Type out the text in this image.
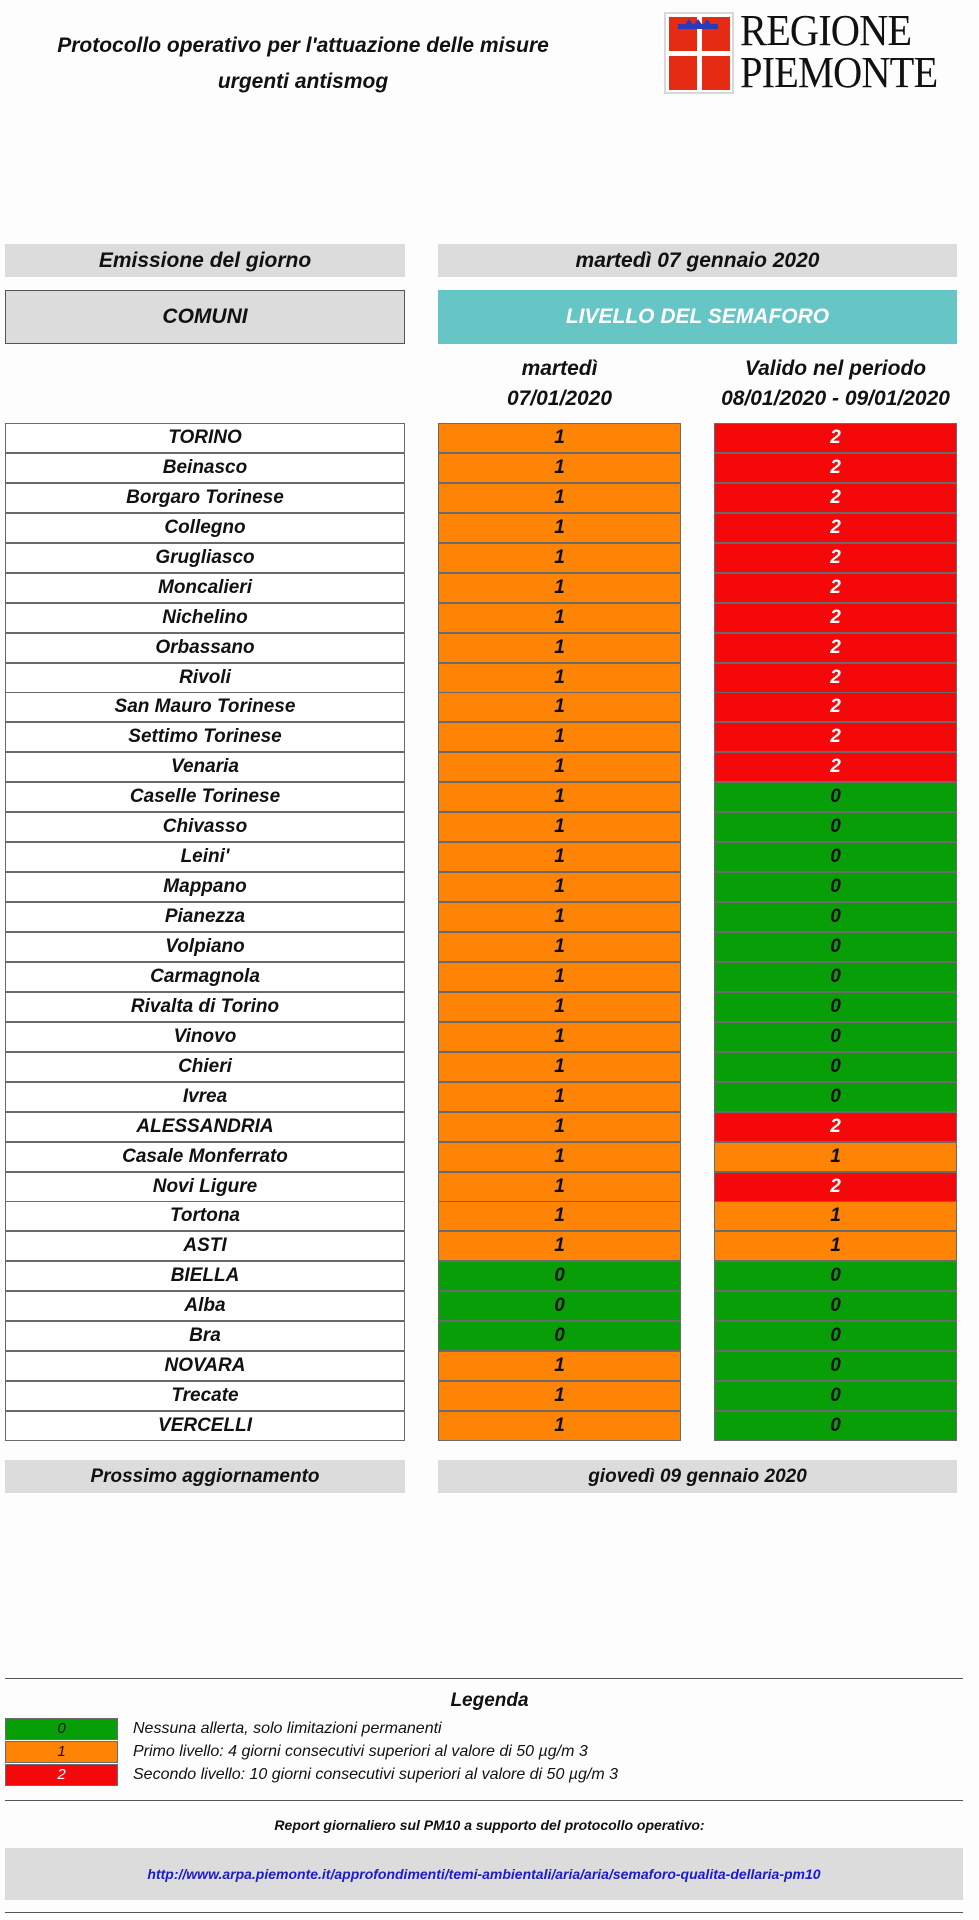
Protocollo operativo per l'attuazione delle misure
urgenti antismog
REGIONE
PIEMONTE
Emissione del giorno	martedì 07 gennaio 2020
COMUNI	LIVELLO DEL SEMAFORO
martedì
07/01/2020
Valido nel periodo
08/01/2020 - 09/01/2020
TORINO	1	2
Beinasco	1	2
Borgaro Torinese	1	2
Collegno	1	2
Grugliasco	1	2
Moncalieri	1	2
Nichelino	1	2
Orbassano	1	2
Rivoli	1	2
San Mauro Torinese	1	2
Settimo Torinese	1	2
Venaria	1	2
Caselle Torinese	1	0
Chivasso	1	0
Leini'	1	0
Mappano	1	0
Pianezza	1	0
Volpiano	1	0
Carmagnola	1	0
Rivalta di Torino	1	0
Vinovo	1	0
Chieri	1	0
Ivrea	1	0
ALESSANDRIA	1	2
Casale Monferrato	1	1
Novi Ligure	1	2
Tortona	1	1
ASTI	1	1
BIELLA	0	0
Alba	0	0
Bra	0	0
NOVARA	1	0
Trecate	1	0
VERCELLI	1	0
Prossimo aggiornamento	giovedì 09 gennaio 2020
Legenda
0	Nessuna allerta, solo limitazioni permanenti
1	Primo livello: 4 giorni consecutivi superiori al valore di 50 µg/m 3
2	Secondo livello: 10 giorni consecutivi superiori al valore di 50 µg/m 3
Report giornaliero sul PM10 a supporto del protocollo operativo:
http://www.arpa.piemonte.it/approfondimenti/temi-ambientali/aria/aria/semaforo-qualita-dellaria-pm10
